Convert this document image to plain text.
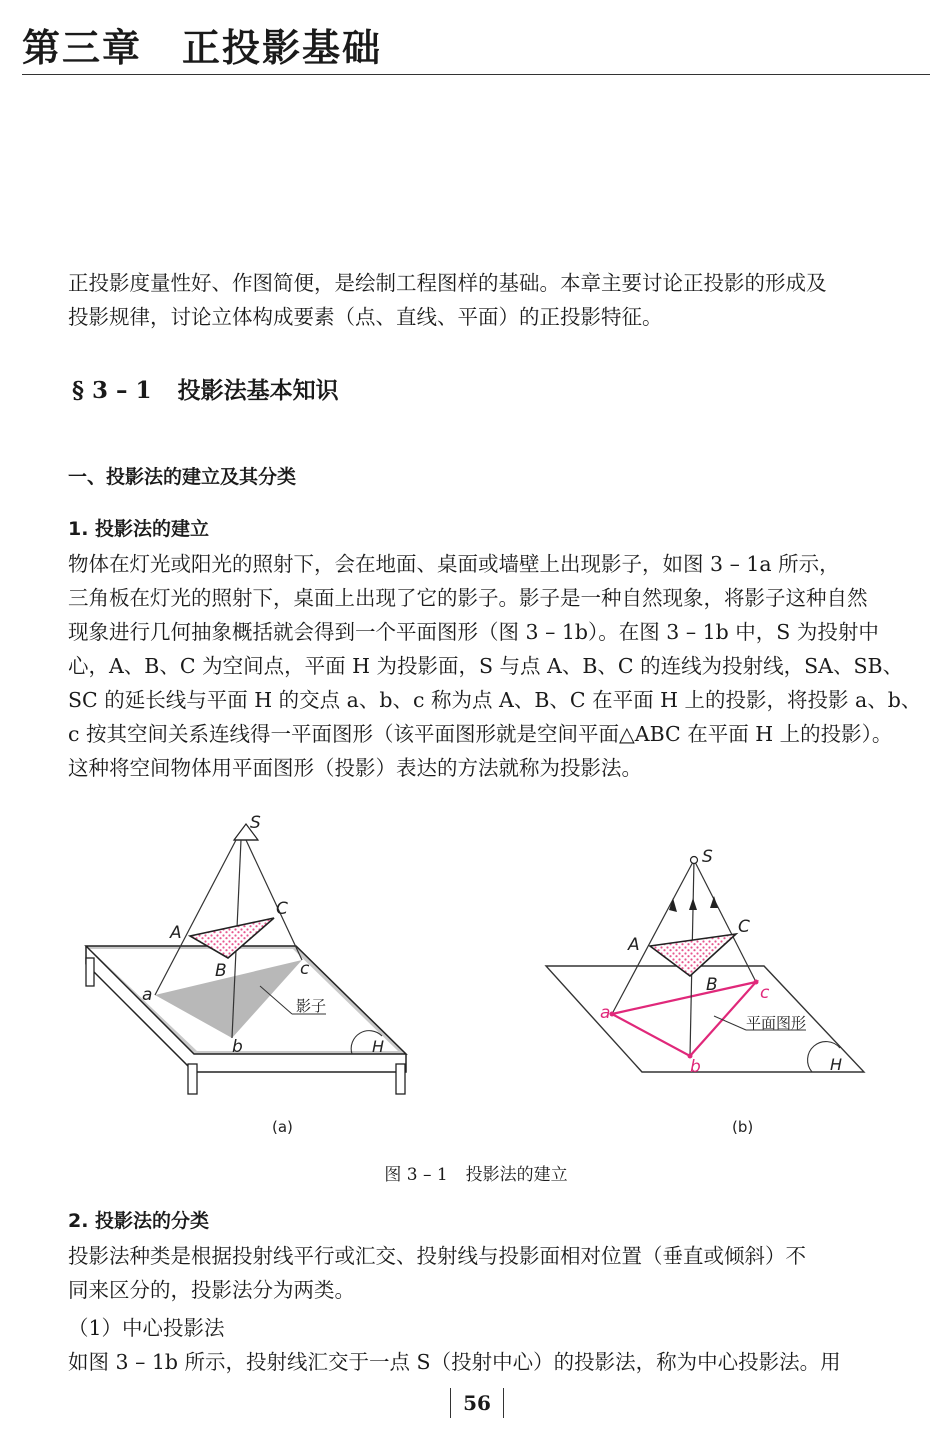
第三章 正投影基础
正投影度量性好、作图简便，是绘制工程图样的基础。本章主要讨论正投影的形成及
投影规律，讨论立体构成要素（点、直线、平面）的正投影特征。
§ 3 – 1 投影法基本知识
一、投影法的建立及其分类
1. 投影法的建立
物体在灯光或阳光的照射下，会在地面、桌面或墙壁上出现影子，如图 3 – 1a 所示，
三角板在灯光的照射下，桌面上出现了它的影子。影子是一种自然现象，将影子这种自然
现象进行几何抽象概括就会得到一个平面图形（图 3 – 1b）。在图 3 – 1b 中，S 为投射中
心，A、B、C 为空间点，平面 H 为投影面，S 与点 A、B、C 的连线为投射线，SA、SB、
SC 的延长线与平面 H 的交点 a、b、c 称为点 A、B、C 在平面 H 上的投影，将投影 a、b、
c 按其空间关系连线得一平面图形（该平面图形就是空间平面△ABC 在平面 H 上的投影）。
这种将空间物体用平面图形（投影）表达的方法就称为投影法。
S
A
B
C
a
b
c
影子
H
(a)
S
A
B
C
a
b
c
平面图形
H
(b)
图 3 – 1 投影法的建立
2. 投影法的分类
投影法种类是根据投射线平行或汇交、投射线与投影面相对位置（垂直或倾斜）不
同来区分的，投影法分为两类。
（1）中心投影法
如图 3 – 1b 所示，投射线汇交于一点 S（投射中心）的投影法，称为中心投影法。用
56
